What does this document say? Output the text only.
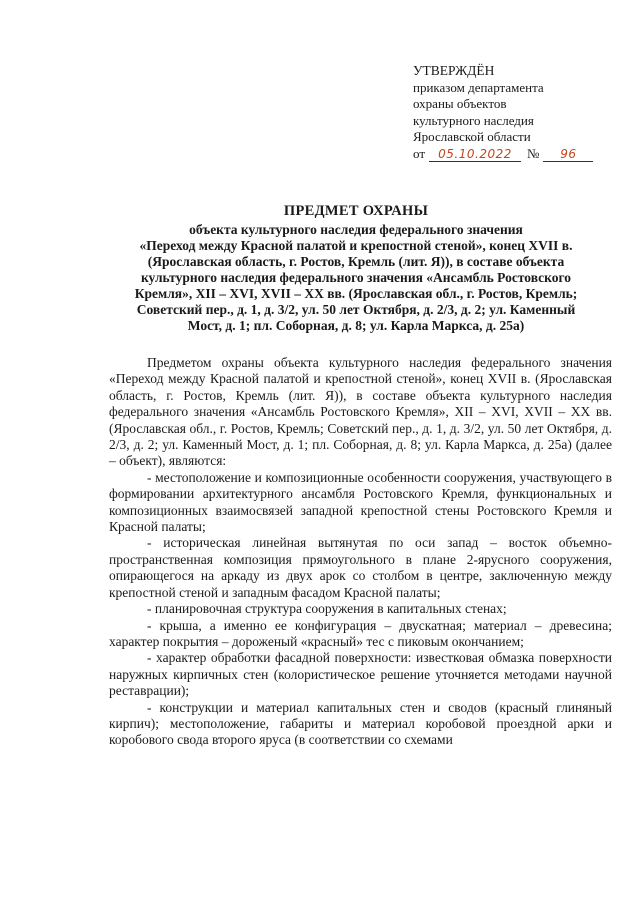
УТВЕРЖДЁН
приказом департамента
охраны объектов
культурного наследия
Ярославской области
от	05.10.2022	№	96
ПРЕДМЕТ ОХРАНЫ
объекта культурного наследия федерального значения
«Переход между Красной палатой и крепостной стеной», конец XVII в.
(Ярославская область, г. Ростов, Кремль (лит. Я)), в составе объекта
культурного наследия федерального значения «Ансамбль Ростовского
Кремля», XII – XVI, XVII – XX вв. (Ярославская обл., г. Ростов, Кремль;
Советский пер., д. 1, д. 3/2, ул. 50 лет Октября, д. 2/3, д. 2; ул. Каменный
Мост, д. 1; пл. Соборная, д. 8; ул. Карла Маркса, д. 25а)

Предметом охраны объекта культурного наследия федерального значения «Переход между Красной палатой и крепостной стеной», конец XVII в. (Ярославская область, г. Ростов, Кремль (лит. Я)), в составе объекта культурного наследия федерального значения «Ансамбль Ростовского Кремля», XII – XVI, XVII – XX вв. (Ярославская обл., г. Ростов, Кремль; Советский пер., д. 1, д. 3/2, ул. 50 лет Октября, д. 2/3, д. 2; ул. Каменный Мост, д. 1; пл. Соборная, д. 8; ул. Карла Маркса, д. 25а) (далее – объект), являются:

- местоположение и композиционные особенности сооружения, участвующего в формировании архитектурного ансамбля Ростовского Кремля, функциональных и композиционных взаимосвязей западной крепостной стены Ростовского Кремля и Красной палаты;

- историческая линейная вытянутая по оси запад – восток объемно-пространственная композиция прямоугольного в плане 2-ярусного сооружения, опирающегося на аркаду из двух арок со столбом в центре, заключенную между крепостной стеной и западным фасадом Красной палаты;

- планировочная структура сооружения в капитальных стенах;

- крыша, а именно ее конфигурация – двускатная; материал – древесина; характер покрытия – дороженый «красный» тес с пиковым окончанием;

- характер обработки фасадной поверхности: известковая обмазка поверхности наружных кирпичных стен (колористическое решение уточняется методами научной реставрации);

- конструкции и материал капитальных стен и сводов (красный глиняный кирпич); местоположение, габариты и материал коробовой проездной арки и коробового свода второго яруса (в соответствии со схемами
